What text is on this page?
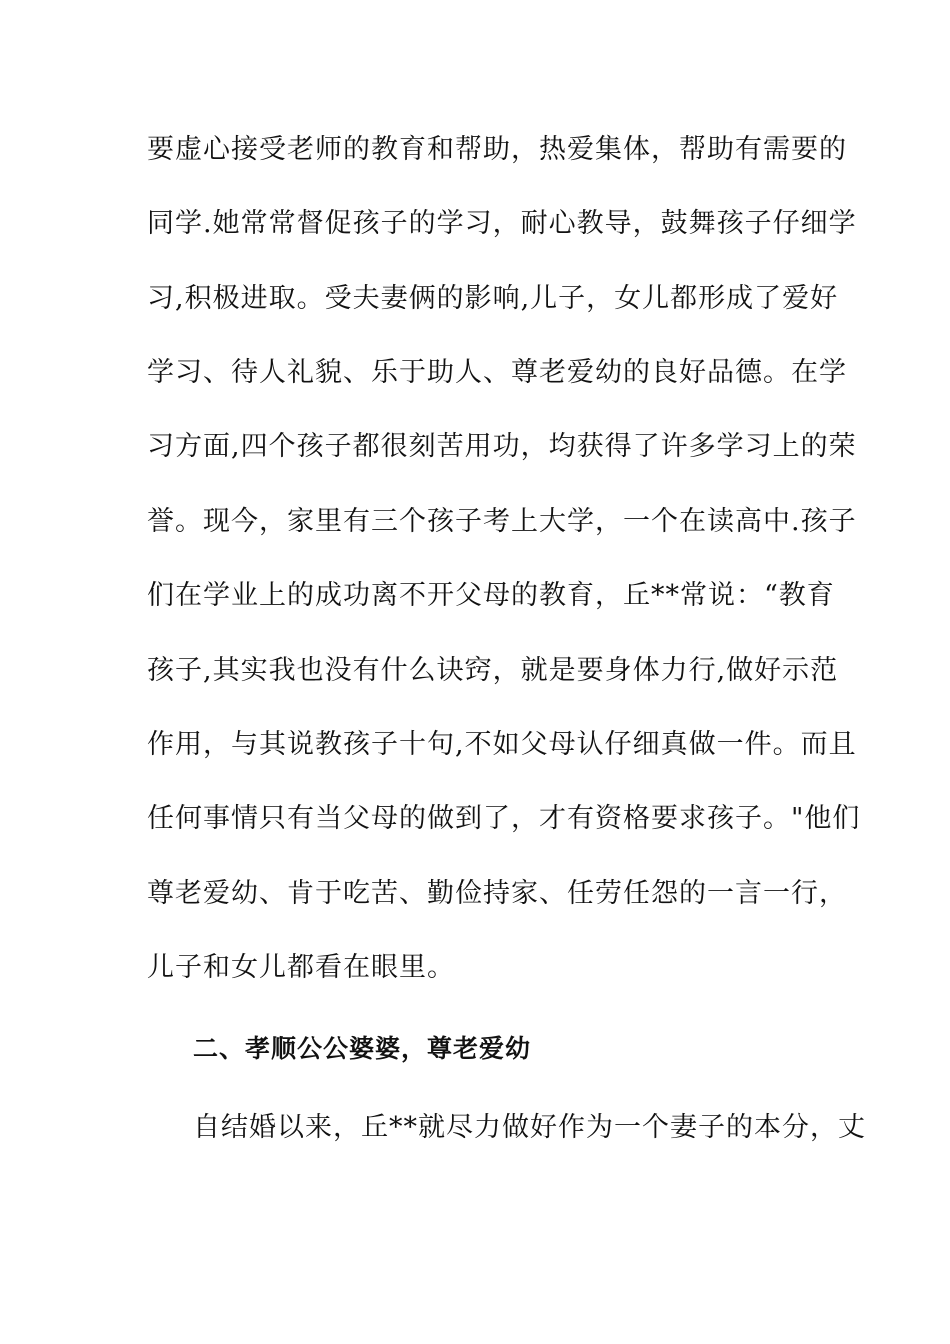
要虚心接受老师的教育和帮助，热爱集体，帮助有需要的
同学.她常常督促孩子的学习，耐心教导，鼓舞孩子仔细学
习,积极进取。受夫妻俩的影响,儿子，女儿都形成了爱好
学习、待人礼貌、乐于助人、尊老爱幼的良好品德。在学
习方面,四个孩子都很刻苦用功，均获得了许多学习上的荣
誉。现今，家里有三个孩子考上大学，一个在读高中.孩子
们在学业上的成功离不开父母的教育，丘**常说：“教育
孩子,其实我也没有什么诀窍，就是要身体力行,做好示范
作用，与其说教孩子十句,不如父母认仔细真做一件。而且
任何事情只有当父母的做到了，才有资格要求孩子。"他们
尊老爱幼、肯于吃苦、勤俭持家、任劳任怨的一言一行，
儿子和女儿都看在眼里。
二、孝顺公公婆婆，尊老爱幼
自结婚以来，丘**就尽力做好作为一个妻子的本分，丈
